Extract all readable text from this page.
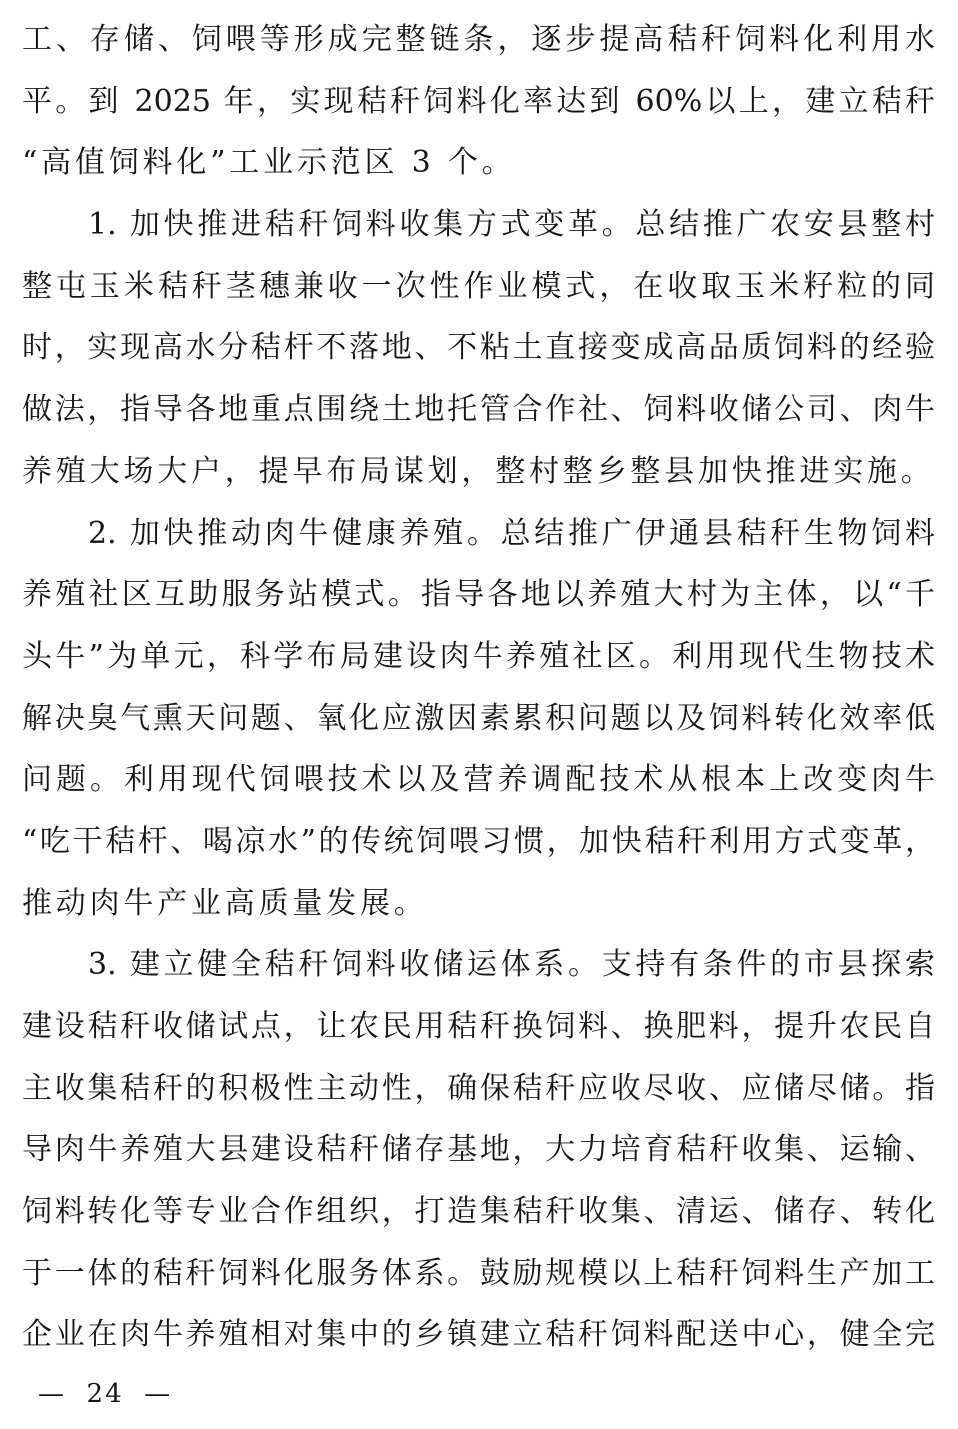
工、存储、饲喂等形成完整链条，逐步提高秸秆饲料化利用水
平。到 2025 年，实现秸秆饲料化率达到 60%以上，建立秸秆
“高值饲料化”工业示范区 3 个。
1. 加快推进秸秆饲料收集方式变革。总结推广农安县整村
整屯玉米秸秆茎穗兼收一次性作业模式，在收取玉米籽粒的同
时，实现高水分秸杆不落地、不粘土直接变成高品质饲料的经验
做法，指导各地重点围绕土地托管合作社、饲料收储公司、肉牛
养殖大场大户，提早布局谋划，整村整乡整县加快推进实施。
2. 加快推动肉牛健康养殖。总结推广伊通县秸秆生物饲料
养殖社区互助服务站模式。指导各地以养殖大村为主体，以“千
头牛”为单元，科学布局建设肉牛养殖社区。利用现代生物技术
解决臭气熏天问题、氧化应激因素累积问题以及饲料转化效率低
问题。利用现代饲喂技术以及营养调配技术从根本上改变肉牛
“吃干秸杆、喝凉水”的传统饲喂习惯，加快秸秆利用方式变革，
推动肉牛产业高质量发展。
3. 建立健全秸秆饲料收储运体系。支持有条件的市县探索
建设秸秆收储试点，让农民用秸秆换饲料、换肥料，提升农民自
主收集秸秆的积极性主动性，确保秸秆应收尽收、应储尽储。指
导肉牛养殖大县建设秸秆储存基地，大力培育秸秆收集、运输、
饲料转化等专业合作组织，打造集秸秆收集、清运、储存、转化
于一体的秸秆饲料化服务体系。鼓励规模以上秸秆饲料生产加工
企业在肉牛养殖相对集中的乡镇建立秸秆饲料配送中心，健全完
—  24  —
